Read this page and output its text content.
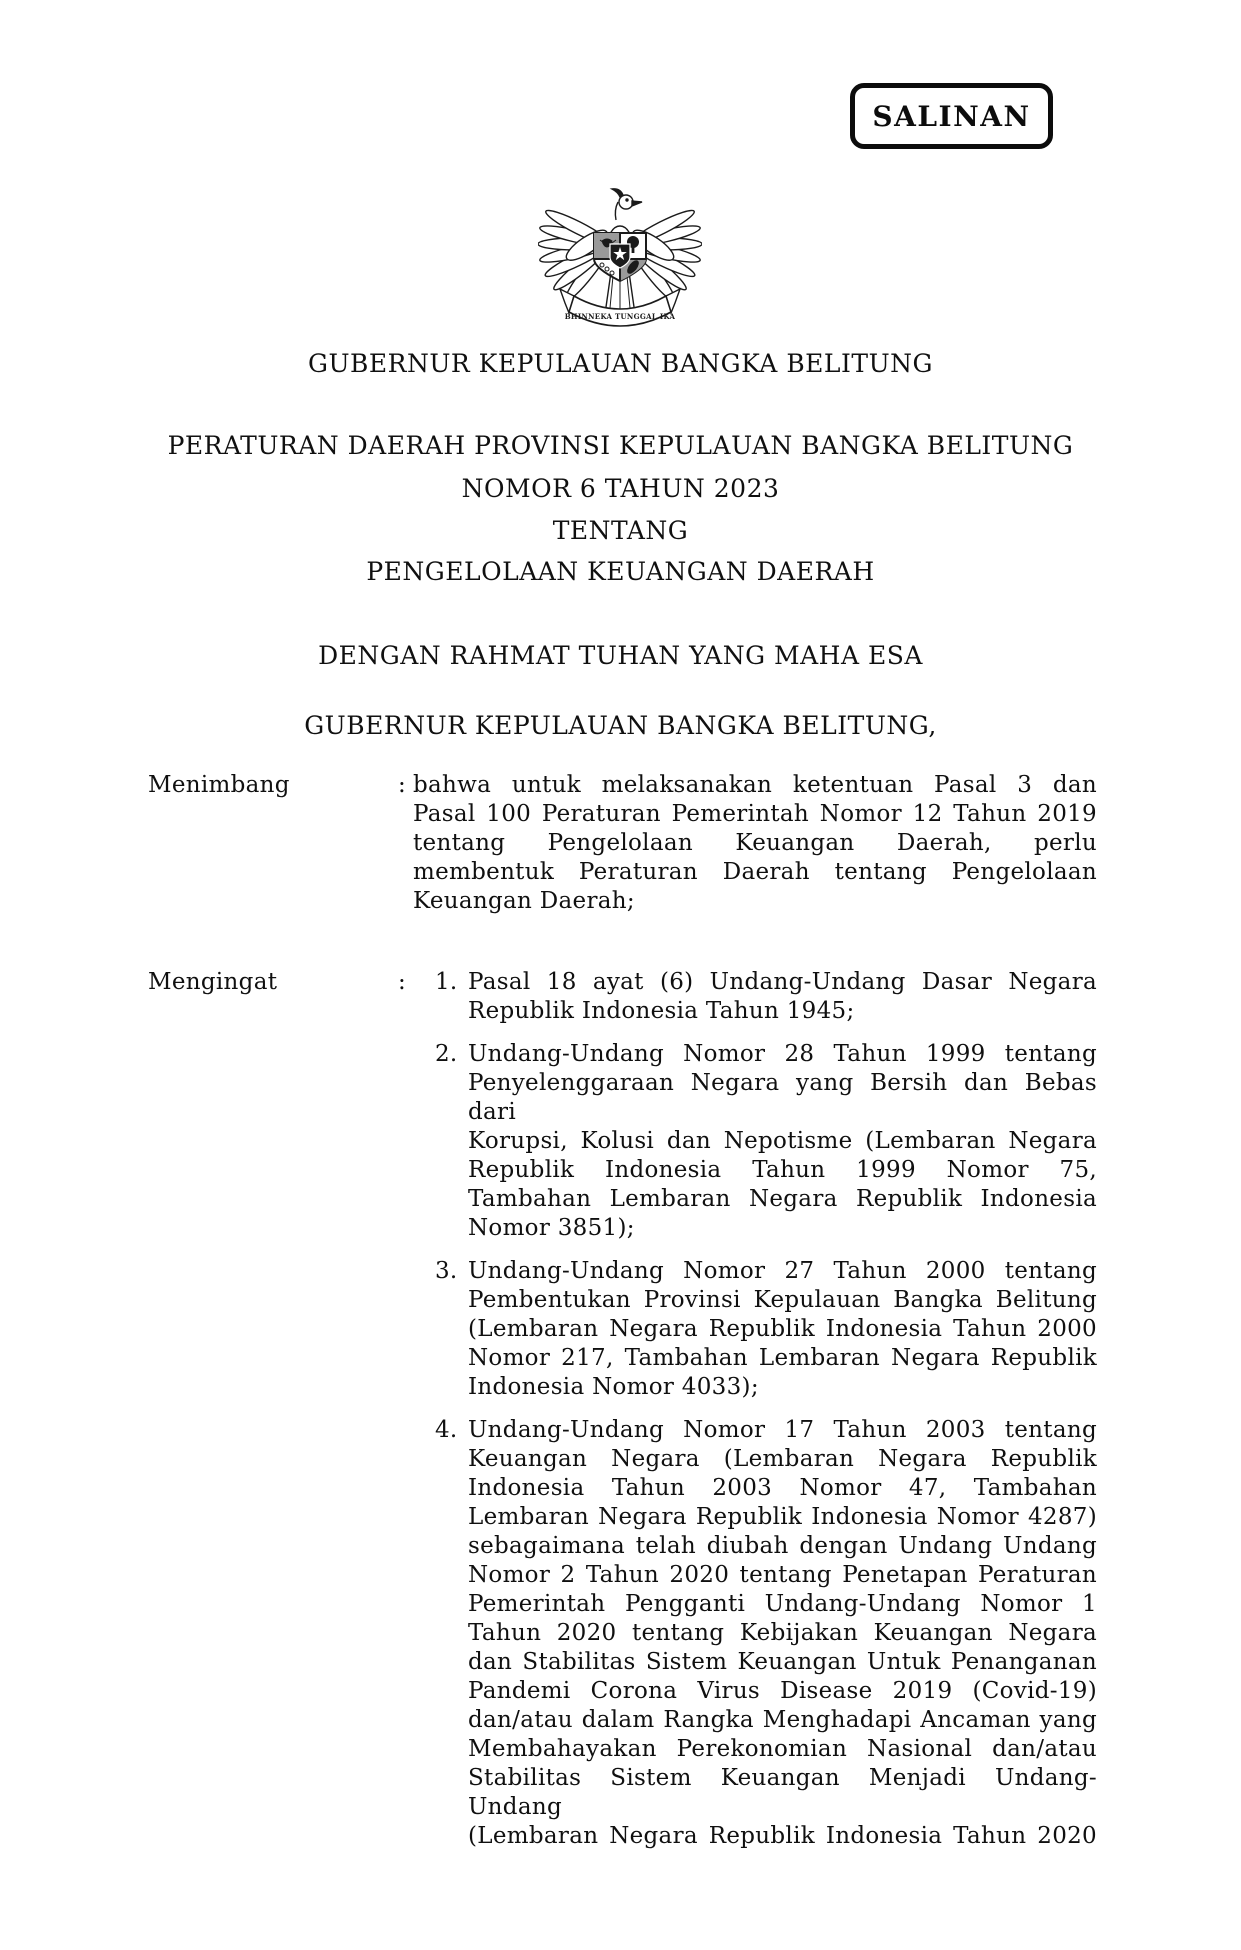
SALINAN
BHINNEKA TUNGGAL IKA
GUBERNUR KEPULAUAN BANGKA BELITUNG
PERATURAN DAERAH PROVINSI KEPULAUAN BANGKA BELITUNG
NOMOR 6 TAHUN 2023
TENTANG
PENGELOLAAN KEUANGAN DAERAH
DENGAN RAHMAT TUHAN YANG MAHA ESA
GUBERNUR KEPULAUAN BANGKA BELITUNG,
Menimbang	: bahwa untuk melaksanakan ketentuan Pasal 3 dan
Pasal 100 Peraturan Pemerintah Nomor 12 Tahun 2019
tentang Pengelolaan Keuangan Daerah, perlu
membentuk Peraturan Daerah tentang Pengelolaan
Keuangan Daerah;
Mengingat	:	1. Pasal 18 ayat (6) Undang-Undang Dasar Negara
Republik Indonesia Tahun 1945;
2. Undang-Undang Nomor 28 Tahun 1999 tentang
Penyelenggaraan Negara yang Bersih dan Bebas dari
Korupsi, Kolusi dan Nepotisme (Lembaran Negara
Republik Indonesia Tahun 1999 Nomor 75,
Tambahan Lembaran Negara Republik Indonesia
Nomor 3851);
3. Undang-Undang Nomor 27 Tahun 2000 tentang
Pembentukan Provinsi Kepulauan Bangka Belitung
(Lembaran Negara Republik Indonesia Tahun 2000
Nomor 217, Tambahan Lembaran Negara Republik
Indonesia Nomor 4033);
4. Undang-Undang Nomor 17 Tahun 2003 tentang
Keuangan Negara (Lembaran Negara Republik
Indonesia Tahun 2003 Nomor 47, Tambahan
Lembaran Negara Republik Indonesia Nomor 4287)
sebagaimana telah diubah dengan Undang Undang
Nomor 2 Tahun 2020 tentang Penetapan Peraturan
Pemerintah Pengganti Undang-Undang Nomor 1
Tahun 2020 tentang Kebijakan Keuangan Negara
dan Stabilitas Sistem Keuangan Untuk Penanganan
Pandemi Corona Virus Disease 2019 (Covid-19)
dan/atau dalam Rangka Menghadapi Ancaman yang
Membahayakan Perekonomian Nasional dan/atau
Stabilitas Sistem Keuangan Menjadi Undang-Undang
(Lembaran Negara Republik Indonesia Tahun 2020
